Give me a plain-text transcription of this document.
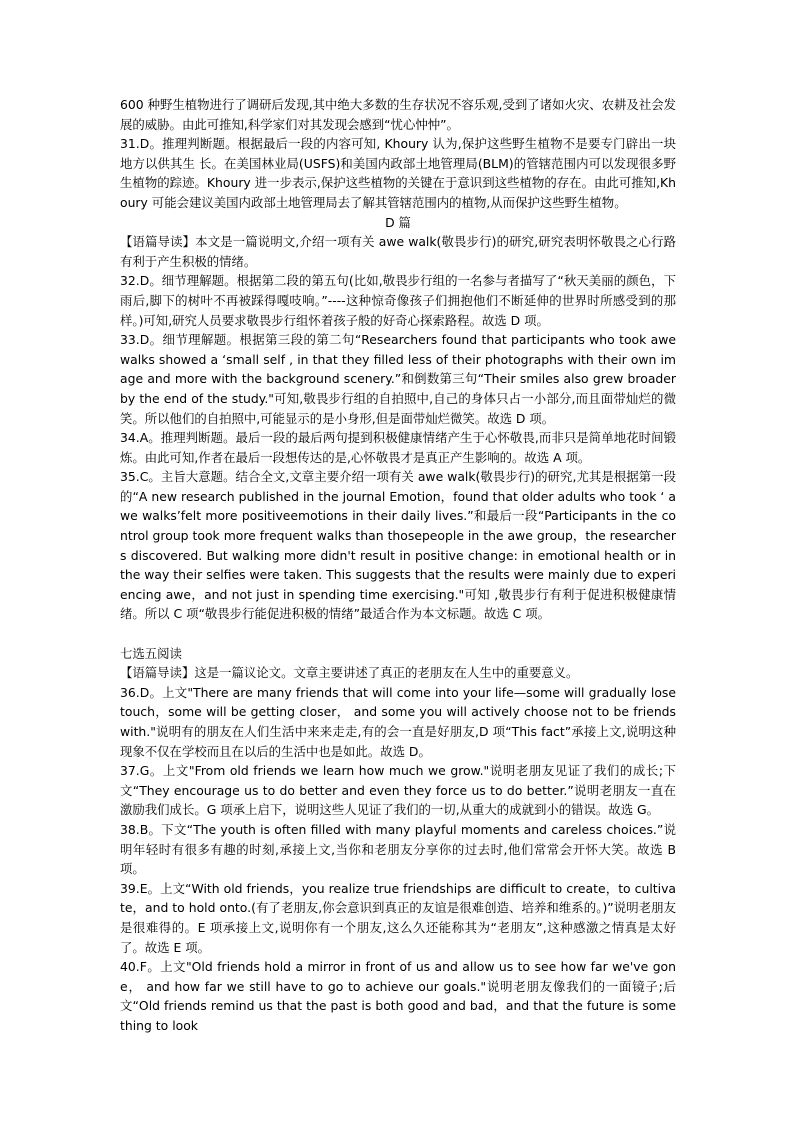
600 种野生植物进行了调研后发现,其中绝大多数的生存状况不容乐观,受到了诸如火灾、农耕及社会发展的威胁。由此可推知,科学家们对其发现会感到“忧心忡忡”。

31.D。推理判断题。根据最后一段的内容可知, Khoury 认为,保护这些野生植物不是要专门辟出一块地方以供其生 长。在美国林业局(USFS)和美国内政部土地管理局(BLM)的管辖范围内可以发现很多野生植物的踪迹。Khoury 进一步表示,保护这些植物的关键在于意识到这些植物的存在。由此可推知,Khoury 可能会建议美国内政部土地管理局去了解其管辖范围内的植物,从而保护这些野生植物。

D 篇

【语篇导读】本文是一篇说明文,介绍一项有关 awe walk(敬畏步行)的研究,研究表明怀敬畏之心行路有利于产生积极的情绪。

32.D。细节理解题。根据第二段的第五句(比如,敬畏步行组的一名参与者描写了“秋天美丽的颜色，下雨后,脚下的树叶不再被踩得嘎吱响。”----这种惊奇像孩子们拥抱他们不断延伸的世界时所感受到的那样。)可知,研究人员要求敬畏步行组怀着孩子般的好奇心探索路程。故选 D 项。

33.D。细节理解题。根据第三段的第二句“Researchers found that participants who took awe walks showed a ‘small self , in that they filled less of their photographs with their own image and more with the background scenery.”和倒数第三句“Their smiles also grew broader by the end of the study."可知,敬畏步行组的自拍照中,自己的身体只占一小部分,而且面带灿烂的微笑。所以他们的自拍照中,可能显示的是小身形,但是面带灿烂微笑。故选 D 项。

34.A。推理判断题。最后一段的最后两句提到积极健康情绪产生于心怀敬畏,而非只是简单地花时间锻炼。由此可知,作者在最后一段想传达的是,心怀敬畏才是真正产生影响的。故选 A 项。

35.C。主旨大意题。结合全文,文章主要介绍一项有关 awe walk(敬畏步行)的研究,尤其是根据第一段的“A new research published in the journal Emotion，found that older adults who took ‘ awe walks’felt more positiveemotions in their daily lives.”和最后一段“Participants in the control group took more frequent walks than thosepeople in the awe group，the researchers discovered. But walking more didn't result in positive change: in emotional health or in the way their selfies were taken. This suggests that the results were mainly due to experiencing awe，and not just in spending time exercising."可知 ,敬畏步行有利于促进积极健康情绪。所以 C 项“敬畏步行能促进积极的情绪”最适合作为本文标题。故选 C 项。

七选五阅读

【语篇导读】这是一篇议论文。文章主要讲述了真正的老朋友在人生中的重要意义。

36.D。上文"There are many friends that will come into your life—some will gradually lose touch，some will be getting closer， and some you will actively choose not to be friends with."说明有的朋友在人们生活中来来走走,有的会一直是好朋友,D 项“This fact”承接上文,说明这种现象不仅在学校而且在以后的生活中也是如此。故选 D。

37.G。上文"From old friends we learn how much we grow."说明老朋友见证了我们的成长;下文“They encourage us to do better and even they force us to do better.”说明老朋友一直在激励我们成长。G 项承上启下，说明这些人见证了我们的一切,从重大的成就到小的错误。故选 G。

38.B。下文“The youth is often filled with many playful moments and careless choices.”说明年轻时有很多有趣的时刻,承接上文,当你和老朋友分享你的过去时,他们常常会开怀大笑。故选 B 项。

39.E。上文“With old friends，you realize true friendships are difficult to create，to cultivate，and to hold onto.(有了老朋友,你会意识到真正的友谊是很难创造、培养和维系的。)”说明老朋友是很难得的。E 项承接上文,说明你有一个朋友,这么久还能称其为“老朋友”,这种感激之情真是太好了。故选 E 项。

40.F。上文"Old friends hold a mirror in front of us and allow us to see how far we've gone， and how far we still have to go to achieve our goals."说明老朋友像我们的一面镜子;后文“Old friends remind us that the past is both good and bad，and that the future is something to look
